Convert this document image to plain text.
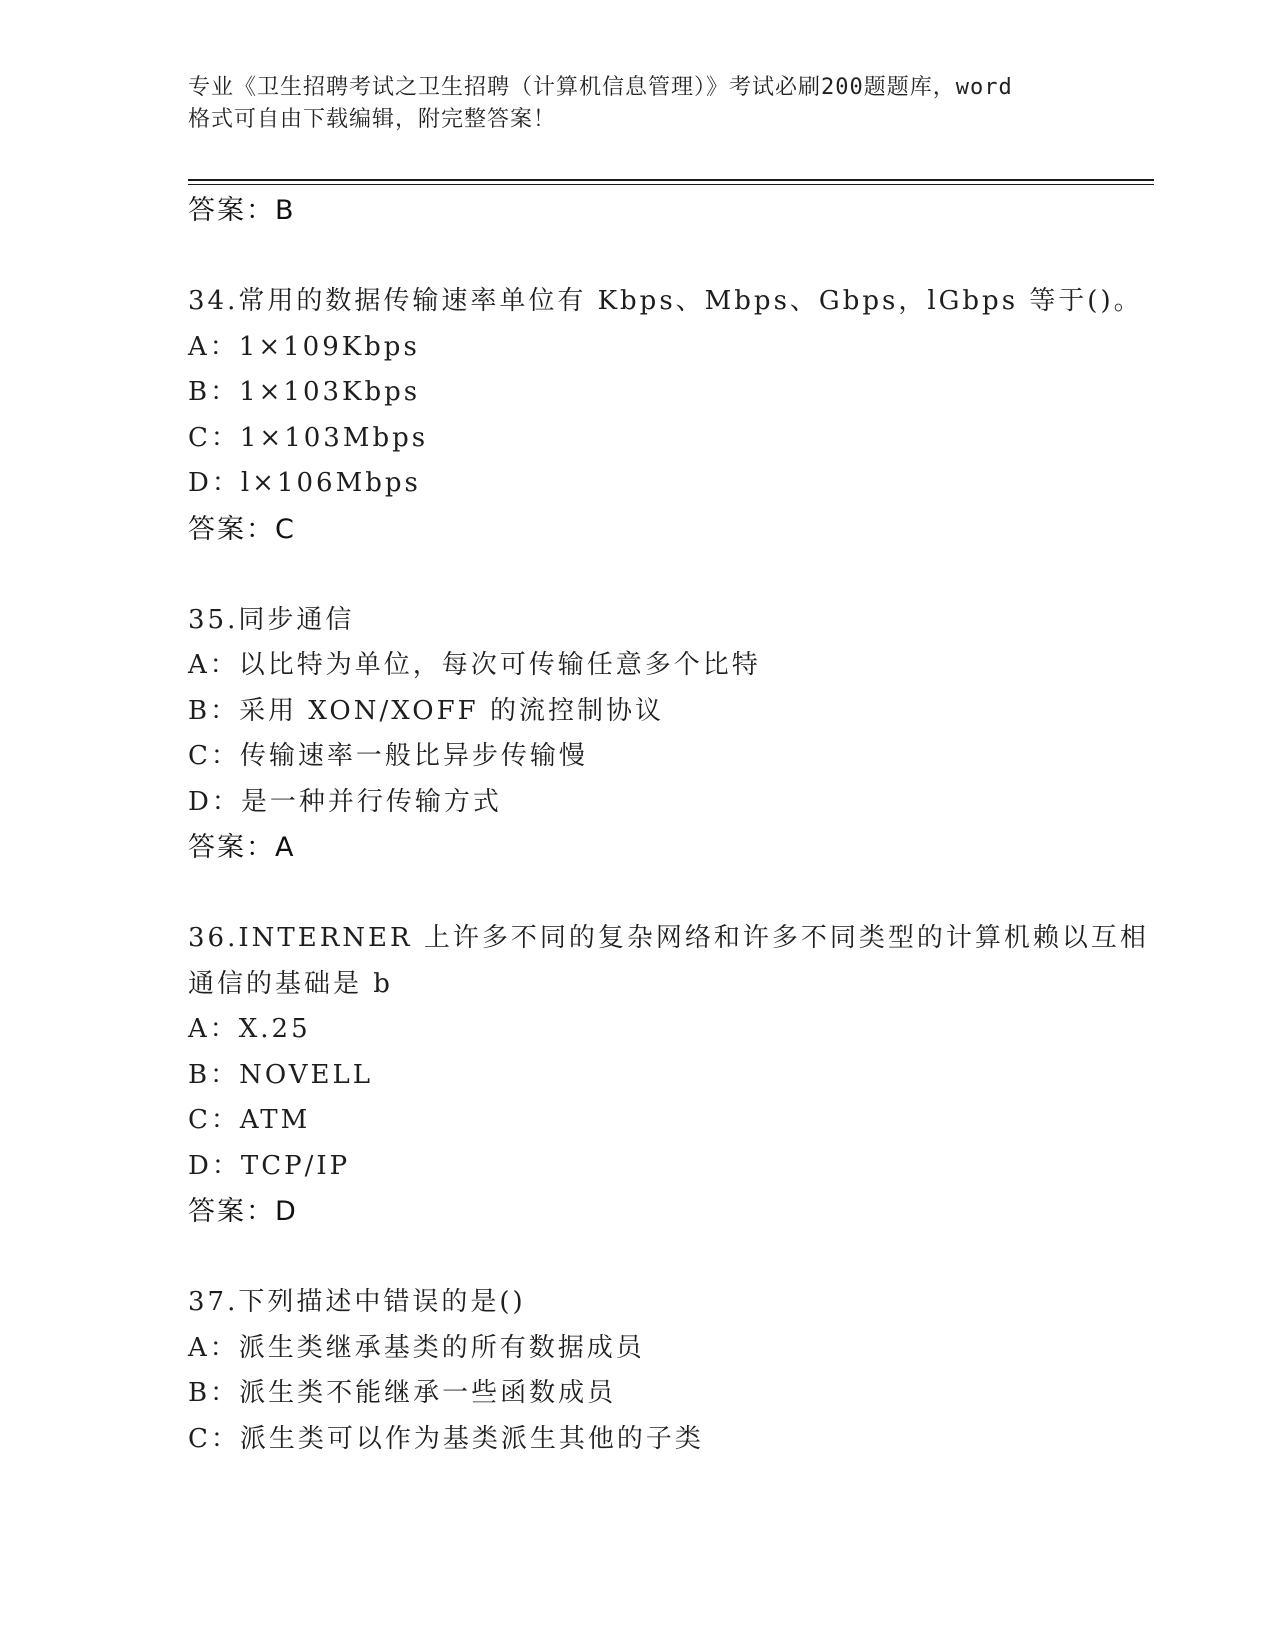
专业《卫生招聘考试之卫生招聘（计算机信息管理）》考试必刷200题题库，word
格式可自由下载编辑，附完整答案！
答案：B
34.常用的数据传输速率单位有 Kbps、Mbps、Gbps，lGbps 等于()。
A：1×109Kbps
B：1×103Kbps
C：1×103Mbps
D：l×106Mbps
答案：C
35.同步通信
A：以比特为单位，每次可传输任意多个比特
B：采用 XON/XOFF 的流控制协议
C：传输速率一般比异步传输慢
D：是一种并行传输方式
答案：A
36.INTERNER 上许多不同的复杂网络和许多不同类型的计算机赖以互相
通信的基础是 b
A：X.25
B：NOVELL
C：ATM
D：TCP/IP
答案：D
37.下列描述中错误的是()
A：派生类继承基类的所有数据成员
B：派生类不能继承一些函数成员
C：派生类可以作为基类派生其他的子类
